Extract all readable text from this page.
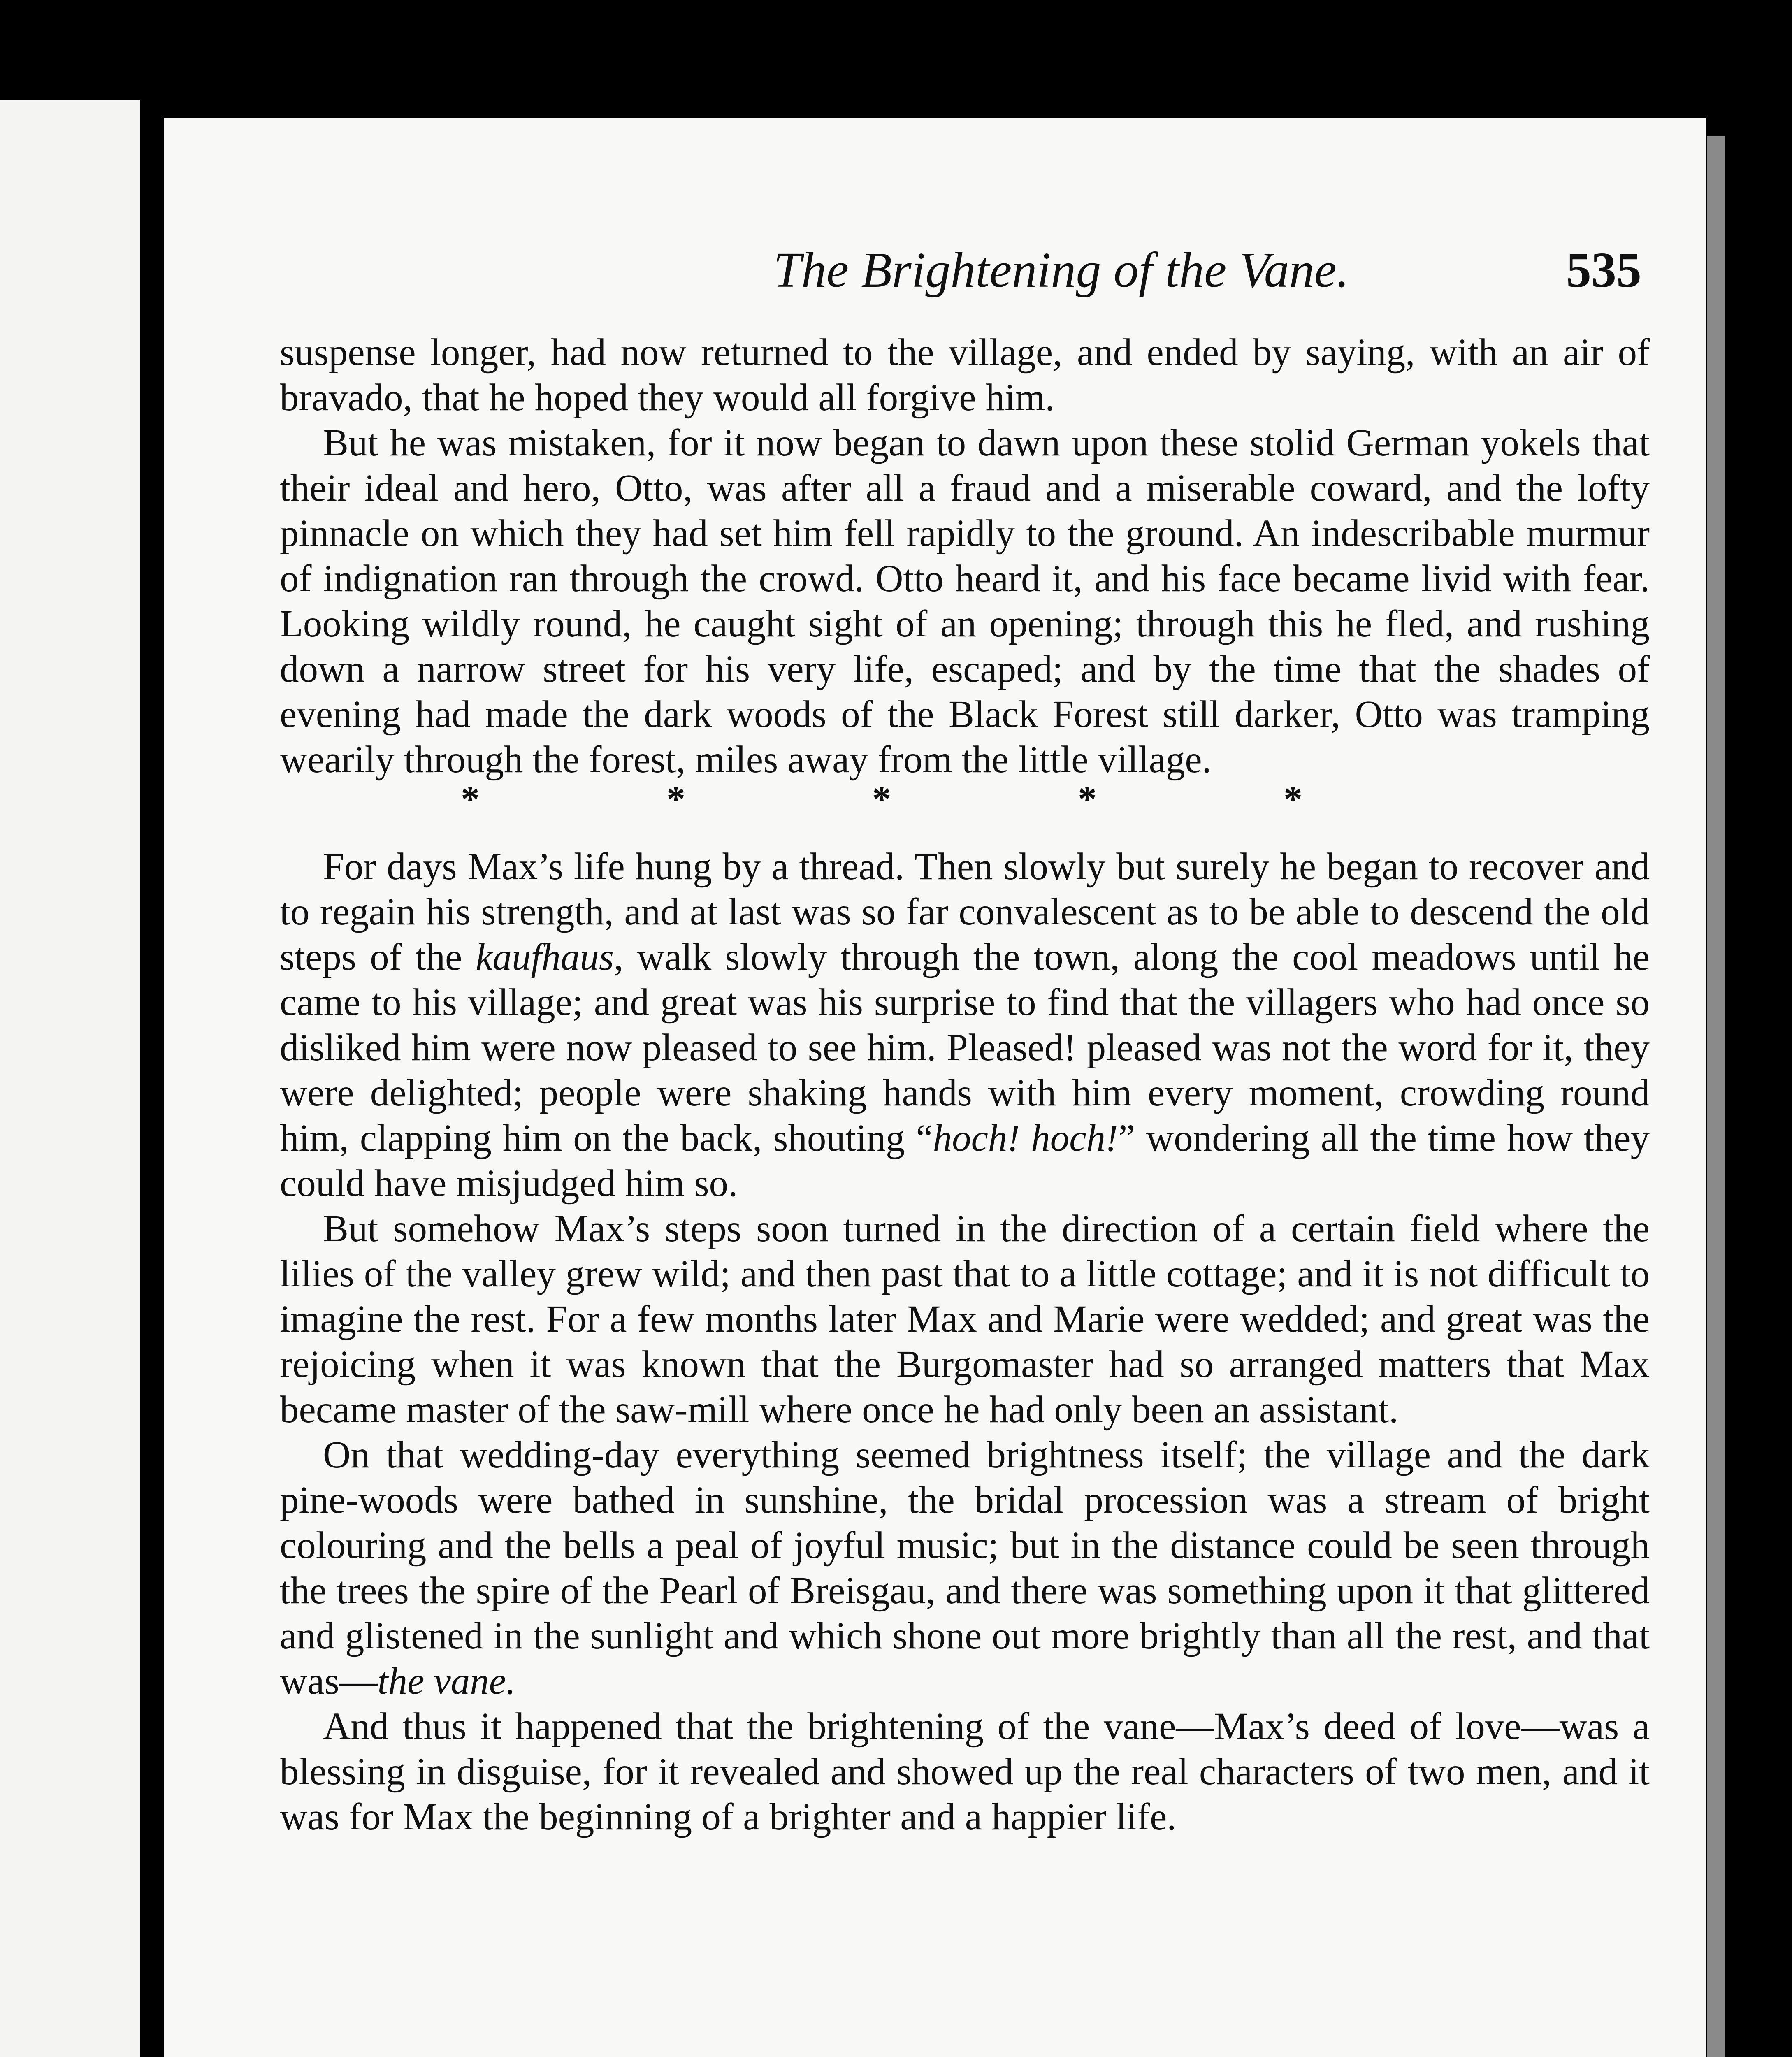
The Brightening of the Vane.	535

suspense longer, had now returned to the village, and ended by saying, with an air of bravado, that he hoped they would all forgive him.

But he was mistaken, for it now began to dawn upon these stolid German yokels that their ideal and hero, Otto, was after all a fraud and a miserable coward, and the lofty pinnacle on which they had set him fell rapidly to the ground. An indescribable murmur of indignation ran through the crowd. Otto heard it, and his face became livid with fear. Looking wildly round, he caught sight of an opening; through this he fled, and rushing down a narrow street for his very life, escaped; and by the time that the shades of evening had made the dark woods of the Black Forest still darker, Otto was tramping wearily through the forest, miles away from the little village.

*	*	*	*	*

For days Max’s life hung by a thread. Then slowly but surely he began to recover and to regain his strength, and at last was so far convalescent as to be able to descend the old steps of the kaufhaus, walk slowly through the town, along the cool meadows until he came to his village; and great was his surprise to find that the villagers who had once so disliked him were now pleased to see him. Pleased! pleased was not the word for it, they were delighted; people were shaking hands with him every moment, crowding round him, clapping him on the back, shouting “hoch! hoch!” wondering all the time how they could have misjudged him so.

But somehow Max’s steps soon turned in the direction of a certain field where the lilies of the valley grew wild; and then past that to a little cottage; and it is not difficult to imagine the rest. For a few months later Max and Marie were wedded; and great was the rejoicing when it was known that the Burgomaster had so arranged matters that Max became master of the saw-mill where once he had only been an assistant.

On that wedding-day everything seemed brightness itself; the village and the dark pine-woods were bathed in sunshine, the bridal procession was a stream of bright colouring and the bells a peal of joyful music; but in the distance could be seen through the trees the spire of the Pearl of Breisgau, and there was something upon it that glittered and glistened in the sunlight and which shone out more brightly than all the rest, and that was—the vane.

And thus it happened that the brightening of the vane—Max’s deed of love—was a blessing in disguise, for it revealed and showed up the real characters of two men, and it was for Max the beginning of a brighter and a happier life.
